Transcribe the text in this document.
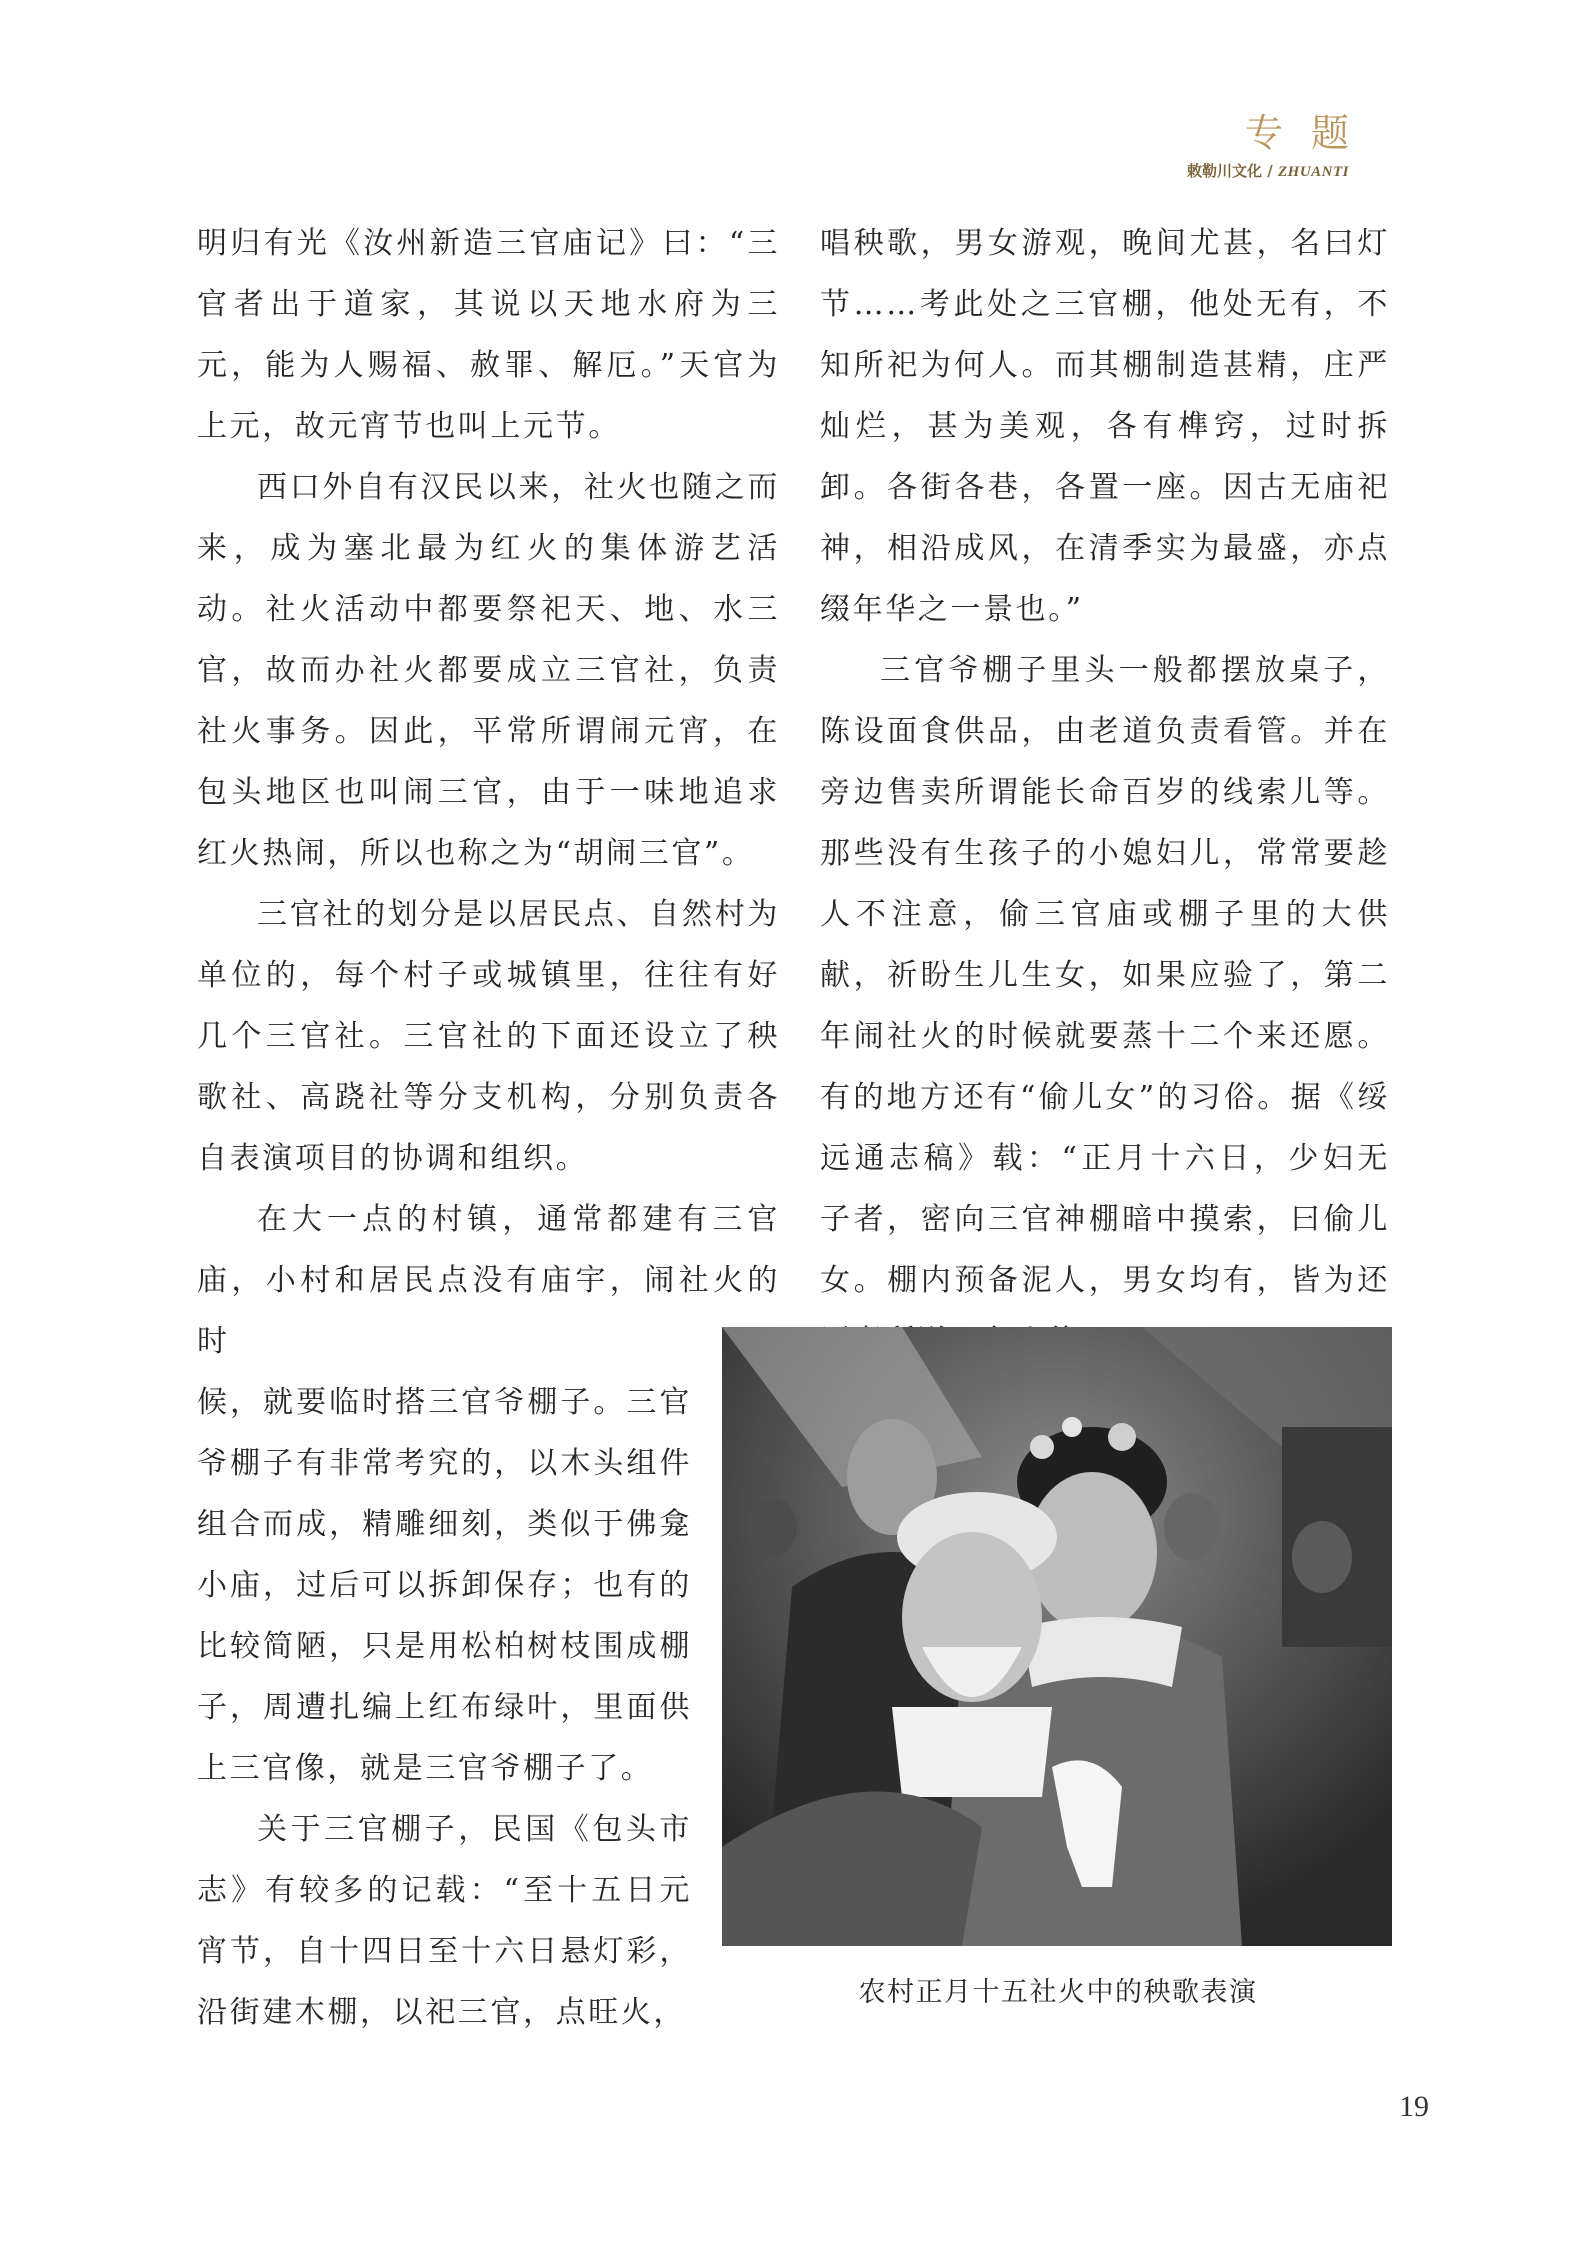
专题
敕勒川文化 / ZHUANTI

明归有光《汝州新造三官庙记》曰：“三官者出于道家，其说以天地水府为三元，能为人赐福、赦罪、解厄。”天官为上元，故元宵节也叫上元节。

西口外自有汉民以来，社火也随之而来，成为塞北最为红火的集体游艺活动。社火活动中都要祭祀天、地、水三官，故而办社火都要成立三官社，负责社火事务。因此，平常所谓闹元宵，在包头地区也叫闹三官，由于一味地追求红火热闹，所以也称之为“胡闹三官”。

三官社的划分是以居民点、自然村为单位的，每个村子或城镇里，往往有好几个三官社。三官社的下面还设立了秧歌社、高跷社等分支机构，分别负责各自表演项目的协调和组织。

在大一点的村镇，通常都建有三官庙，小村和居民点没有庙宇，闹社火的时

候，就要临时搭三官爷棚子。三官爷棚子有非常考究的，以木头组件组合而成，精雕细刻，类似于佛龛小庙，过后可以拆卸保存；也有的比较简陋，只是用松柏树枝围成棚子，周遭扎编上红布绿叶，里面供上三官像，就是三官爷棚子了。

关于三官棚子，民国《包头市志》有较多的记载：“至十五日元宵节，自十四日至十六日悬灯彩，沿街建木棚，以祀三官，点旺火，

唱秧歌，男女游观，晚间尤甚，名曰灯节……考此处之三官棚，他处无有，不知所祀为何人。而其棚制造甚精，庄严灿烂，甚为美观，各有榫窍，过时拆卸。各街各巷，各置一座。因古无庙祀神，相沿成风，在清季实为最盛，亦点缀年华之一景也。”

三官爷棚子里头一般都摆放桌子，陈设面食供品，由老道负责看管。并在旁边售卖所谓能长命百岁的线索儿等。那些没有生孩子的小媳妇儿，常常要趁人不注意，偷三官庙或棚子里的大供献，祈盼生儿生女，如果应验了，第二年闹社火的时候就要蒸十二个来还愿。有的地方还有“偷儿女”的习俗。据《绥远通志稿》载：“正月十六日，少妇无子者，密向三官神棚暗中摸索，曰偷儿女。棚内预备泥人，男女均有，皆为还

农村正月十五社火中的秧歌表演
19
